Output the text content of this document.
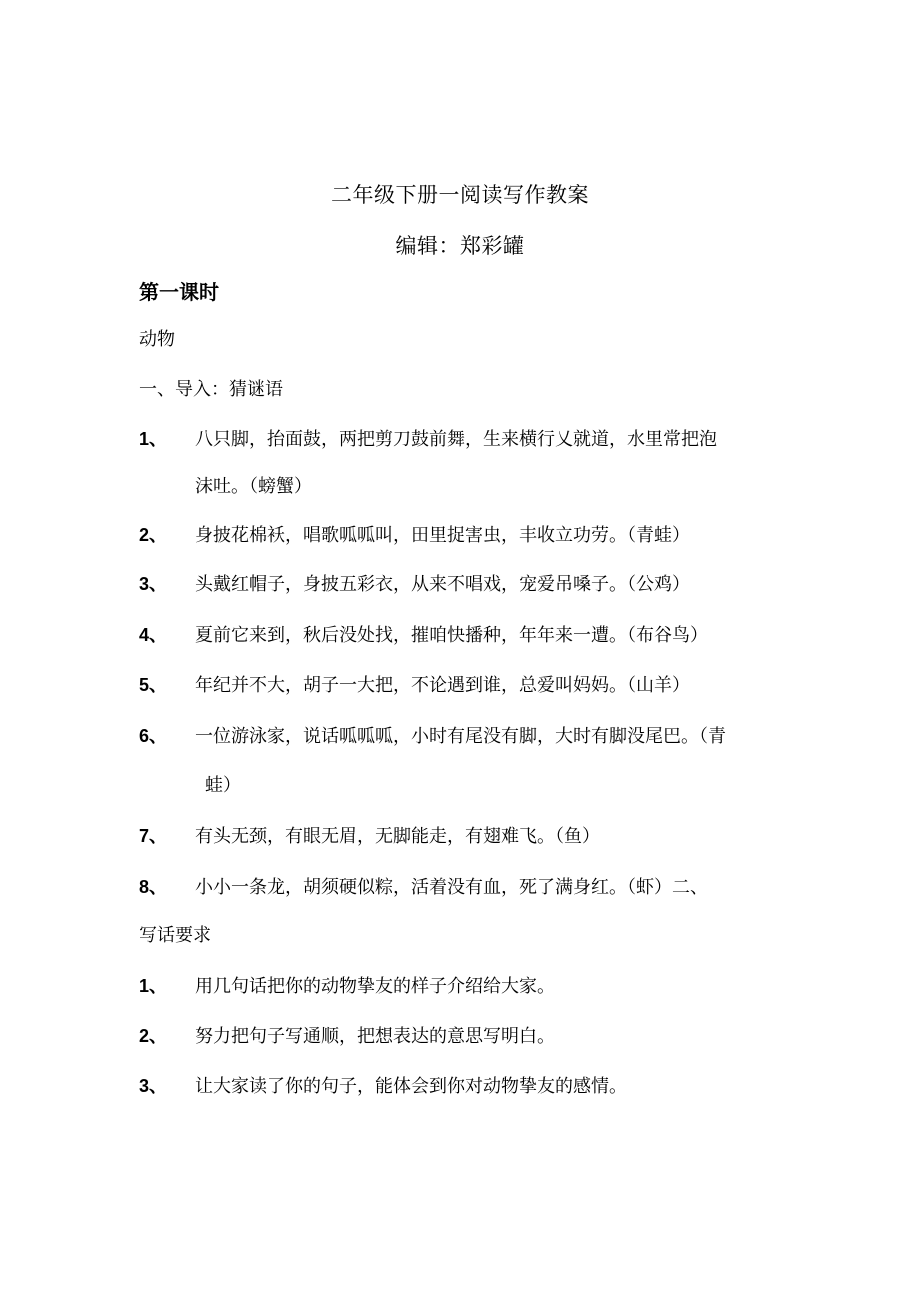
二年级下册一阅读写作教案
编辑：郑彩罐
第一课时
动物
一、导入：猜谜语
1、 八只脚，抬面鼓，两把剪刀鼓前舞，生来横行乂就道，水里常把泡
沫吐。（螃蟹）
2、 身披花棉袄，唱歌呱呱叫，田里捉害虫，丰收立功劳。（青蛙）
3、 头戴红帽子，身披五彩衣，从来不唱戏，宠爱吊嗓子。（公鸡）
4、 夏前它来到，秋后没处找，摧咱快播种，年年来一遭。（布谷鸟）
5、 年纪并不大，胡子一大把，不论遇到谁，总爱叫妈妈。（山羊）
6、 一位游泳家，说话呱呱呱，小时有尾没有脚，大时有脚没尾巴。（青
蛙）
7、 有头无颈，有眼无眉，无脚能走，有翅难飞。（鱼）
8、 小小一条龙，胡须硬似粽，活着没有血，死了满身红。（虾）二、
写话要求
1、 用几句话把你的动物挚友的样子介绍给大家。
2、 努力把句子写通顺，把想表达的意思写明白。
3、 让大家读了你的句子，能体会到你对动物挚友的感情。
